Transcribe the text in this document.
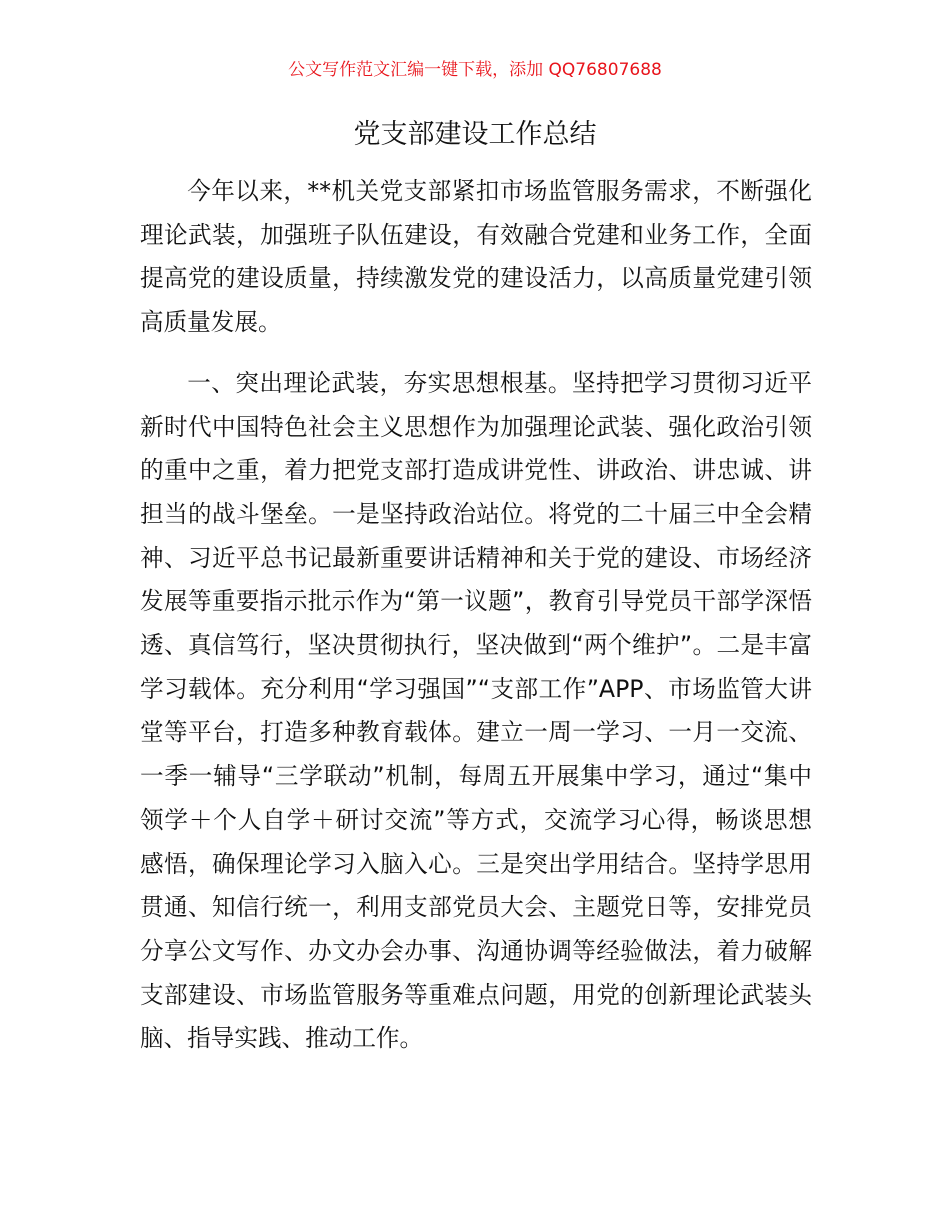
公文写作范文汇编一键下载，添加 QQ76807688
党支部建设工作总结

今年以来，**机关党支部紧扣市场监管服务需求，不断强化理论武装，加强班子队伍建设，有效融合党建和业务工作，全面提高党的建设质量，持续激发党的建设活力，以高质量党建引领高质量发展。

一、突出理论武装，夯实思想根基。坚持把学习贯彻习近平新时代中国特色社会主义思想作为加强理论武装、强化政治引领的重中之重，着力把党支部打造成讲党性、讲政治、讲忠诚、讲担当的战斗堡垒。一是坚持政治站位。将党的二十届三中全会精神、习近平总书记最新重要讲话精神和关于党的建设、市场经济发展等重要指示批示作为“第一议题”，教育引导党员干部学深悟透、真信笃行，坚决贯彻执行，坚决做到“两个维护”。二是丰富学习载体。充分利用“学习强国”“支部工作”APP、市场监管大讲堂等平台，打造多种教育载体。建立一周一学习、一月一交流、一季一辅导“三学联动”机制，每周五开展集中学习，通过“集中领学＋个人自学＋研讨交流”等方式，交流学习心得，畅谈思想感悟，确保理论学习入脑入心。三是突出学用结合。坚持学思用贯通、知信行统一，利用支部党员大会、主题党日等，安排党员分享公文写作、办文办会办事、沟通协调等经验做法，着力破解支部建设、市场监管服务等重难点问题，用党的创新理论武装头脑、指导实践、推动工作。
